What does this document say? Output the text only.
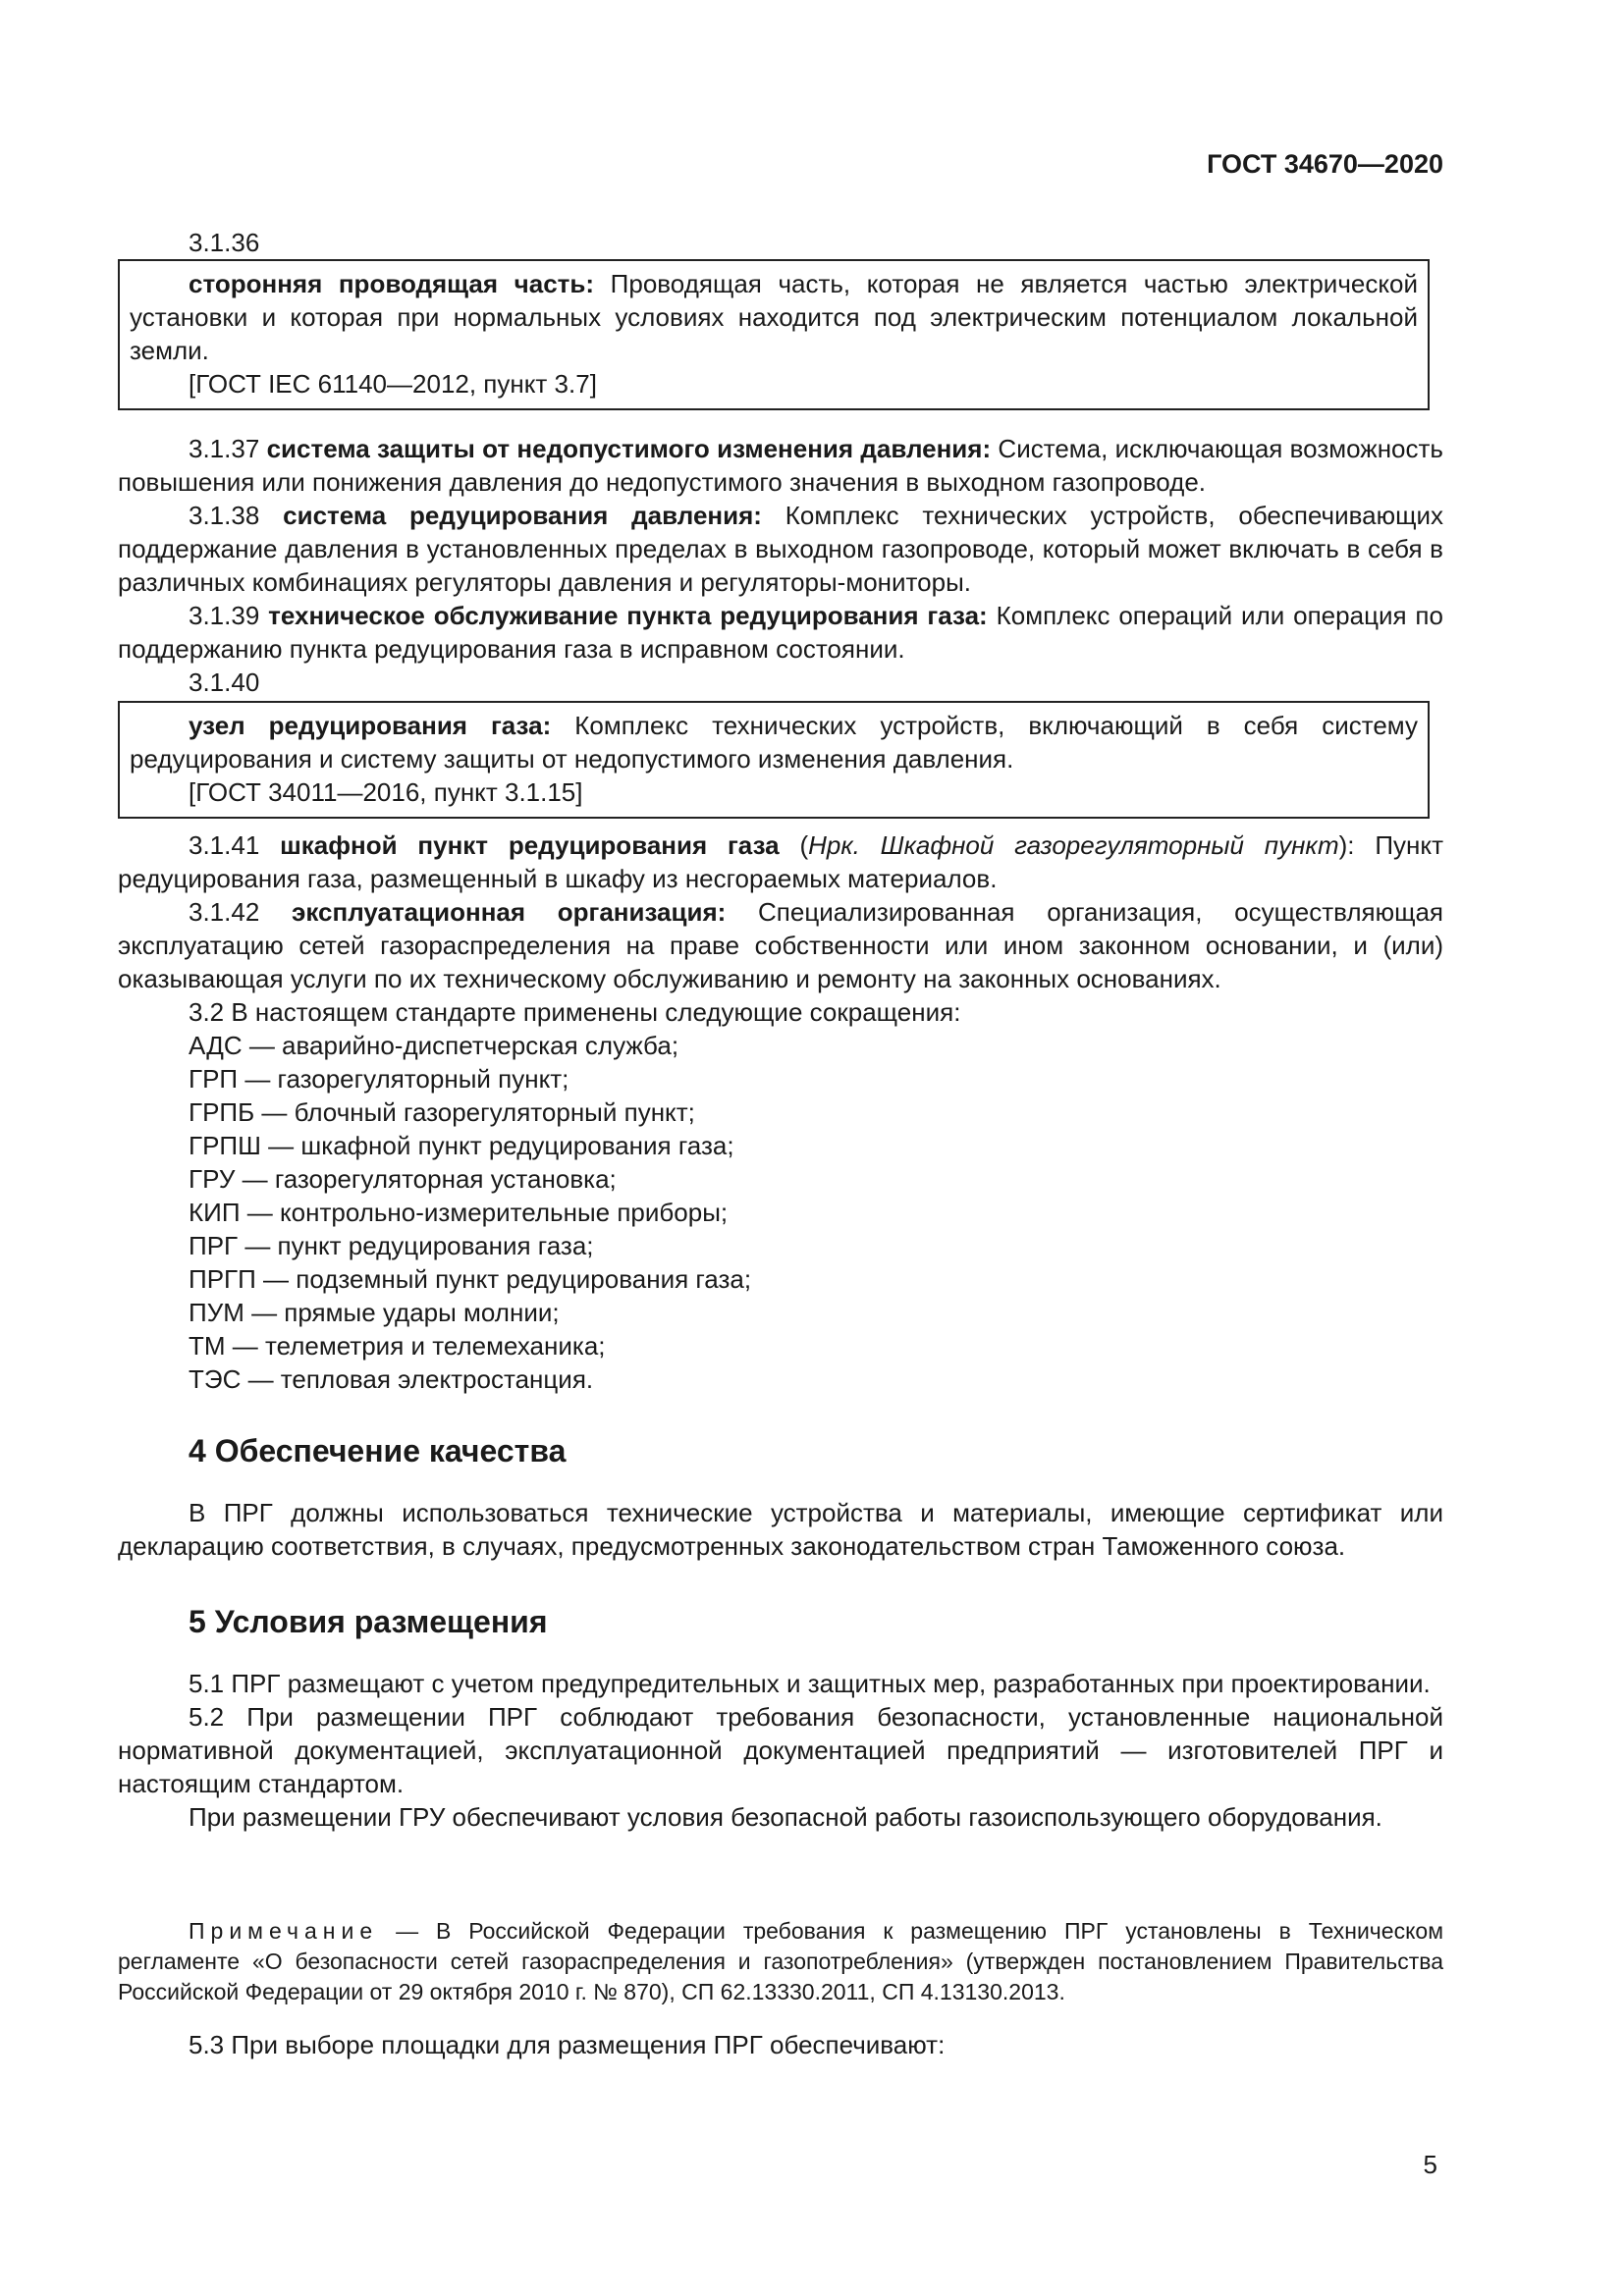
ГОСТ 34670—2020

3.1.36

сторонняя проводящая часть: Проводящая часть, которая не является частью электрической установки и которая при нормальных условиях находится под электрическим потенциалом локальной земли.

[ГОСТ IEC 61140—2012, пункт 3.7]

3.1.37 система защиты от недопустимого изменения давления: Система, исключающая возможность повышения или понижения давления до недопустимого значения в выходном газопроводе.

3.1.38 система редуцирования давления: Комплекс технических устройств, обеспечивающих поддержание давления в установленных пределах в выходном газопроводе, который может включать в себя в различных комбинациях регуляторы давления и регуляторы-мониторы.

3.1.39 техническое обслуживание пункта редуцирования газа: Комплекс операций или операция по поддержанию пункта редуцирования газа в исправном состоянии.

3.1.40

узел редуцирования газа: Комплекс технических устройств, включающий в себя систему редуцирования и систему защиты от недопустимого изменения давления.

[ГОСТ 34011—2016, пункт 3.1.15]

3.1.41 шкафной пункт редуцирования газа (Нрк. Шкафной газорегуляторный пункт): Пункт редуцирования газа, размещенный в шкафу из несгораемых материалов.

3.1.42 эксплуатационная организация: Специализированная организация, осуществляющая эксплуатацию сетей газораспределения на праве собственности или ином законном основании, и (или) оказывающая услуги по их техническому обслуживанию и ремонту на законных основаниях.

3.2 В настоящем стандарте применены следующие сокращения:

АДС — аварийно-диспетчерская служба;

ГРП — газорегуляторный пункт;

ГРПБ — блочный газорегуляторный пункт;

ГРПШ — шкафной пункт редуцирования газа;

ГРУ — газорегуляторная установка;

КИП — контрольно-измерительные приборы;

ПРГ — пункт редуцирования газа;

ПРГП — подземный пункт редуцирования газа;

ПУМ — прямые удары молнии;

ТМ — телеметрия и телемеханика;

ТЭС — тепловая электростанция.

4 Обеспечение качества

В ПРГ должны использоваться технические устройства и материалы, имеющие сертификат или декларацию соответствия, в случаях, предусмотренных законодательством стран Таможенного союза.

5 Условия размещения

5.1 ПРГ размещают с учетом предупредительных и защитных мер, разработанных при проектировании.

5.2 При размещении ПРГ соблюдают требования безопасности, установленные национальной нормативной документацией, эксплуатационной документацией предприятий — изготовителей ПРГ и настоящим стандартом.

При размещении ГРУ обеспечивают условия безопасной работы газоиспользующего оборудования.

Примечание — В Российской Федерации требования к размещению ПРГ установлены в Техническом регламенте «О безопасности сетей газораспределения и газопотребления» (утвержден постановлением Правительства Российской Федерации от 29 октября 2010 г. № 870), СП 62.13330.2011, СП 4.13130.2013.

5.3 При выборе площадки для размещения ПРГ обеспечивают:

5
